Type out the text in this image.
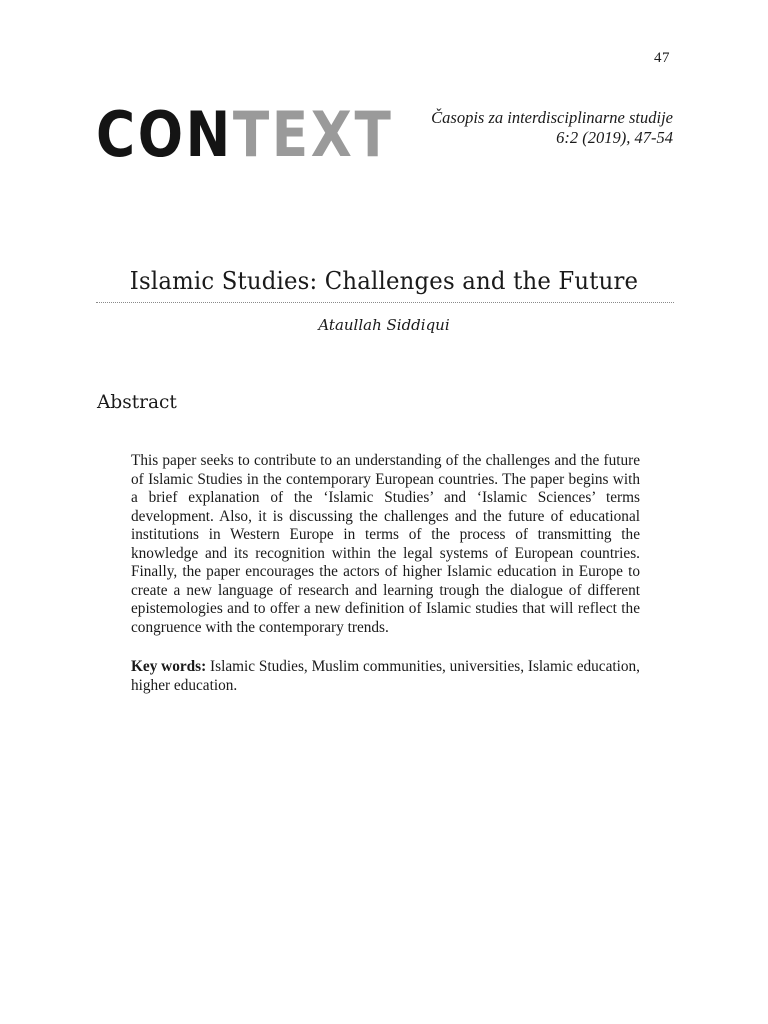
47
CONTEXT Časopis za interdisciplinarne studije
6:2 (2019), 47-54
Islamic Studies: Challenges and the Future
Ataullah Siddiqui
Abstract
This paper seeks to contribute to an understanding of the challenges and the future of Islamic Studies in the contemporary European countries. The paper begins with a brief explanation of the ‘Islamic Studies’ and ‘Islamic Sciences’ terms development. Also, it is discussing the challenges and the future of educational institutions in Western Europe in terms of the process of transmitting the knowledge and its recognition within the legal systems of European countries. Finally, the paper encourages the actors of higher Islamic education in Europe to create a new language of research and learning trough the dialogue of different epistemologies and to offer a new definition of Islamic studies that will reflect the congruence with the contemporary trends.
Key words: Islamic Studies, Muslim communities, universities, Islamic education, higher education.
